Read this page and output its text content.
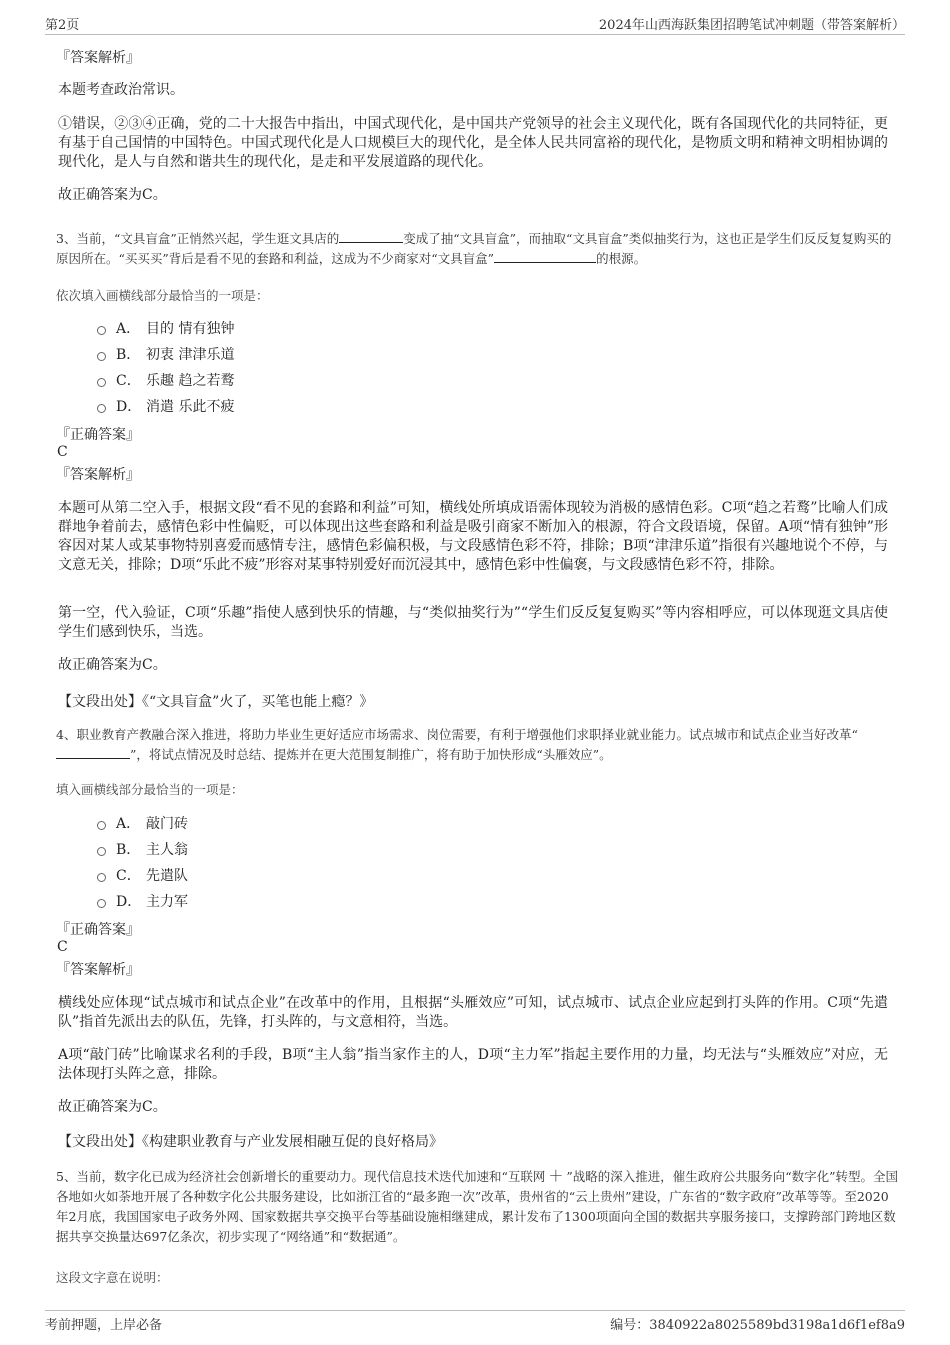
第2页	2024年山西海跃集团招聘笔试冲刺题（带答案解析）
『答案解析』
本题考查政治常识。
①错误，②③④正确，党的二十大报告中指出，中国式现代化，是中国共产党领导的社会主义现代化，既有各国现代化的共同特征，更有基于自己国情的中国特色。中国式现代化是人口规模巨大的现代化，是全体人民共同富裕的现代化，是物质文明和精神文明相协调的现代化，是人与自然和谐共生的现代化，是走和平发展道路的现代化。
故正确答案为C。
3、当前，“文具盲盒”正悄然兴起，学生逛文具店的	变成了抽“文具盲盒”，而抽取“文具盲盒”类似抽奖行为，这也正是学生们反反复复购买的原因所在。“买买买”背后是看不见的套路和利益，这成为不少商家对“文具盲盒”	的根源。
依次填入画横线部分最恰当的一项是：
A． 目的 情有独钟
B． 初衷 津津乐道
C． 乐趣 趋之若鹜
D． 消遣 乐此不疲
『正确答案』
C
『答案解析』
本题可从第二空入手，根据文段“看不见的套路和利益”可知，横线处所填成语需体现较为消极的感情色彩。C项“趋之若鹜”比喻人们成群地争着前去，感情色彩中性偏贬，可以体现出这些套路和利益是吸引商家不断加入的根源，符合文段语境，保留。A项“情有独钟”形容因对某人或某事物特别喜爱而感情专注，感情色彩偏积极，与文段感情色彩不符，排除；B项“津津乐道”指很有兴趣地说个不停，与文意无关，排除；D项“乐此不疲”形容对某事特别爱好而沉浸其中，感情色彩中性偏褒，与文段感情色彩不符，排除。
第一空，代入验证，C项“乐趣”指使人感到快乐的情趣，与“类似抽奖行为”“学生们反反复复购买”等内容相呼应，可以体现逛文具店使学生们感到快乐，当选。
故正确答案为C。
【文段出处】《“文具盲盒”火了，买笔也能上瘾？》
4、职业教育产教融合深入推进，将助力毕业生更好适应市场需求、岗位需要，有利于增强他们求职择业就业能力。试点城市和试点企业当好改革“”，将试点情况及时总结、提炼并在更大范围复制推广，将有助于加快形成“头雁效应”。
填入画横线部分最恰当的一项是：
A． 敲门砖
B． 主人翁
C． 先遣队
D． 主力军
『正确答案』
C
『答案解析』
横线处应体现“试点城市和试点企业”在改革中的作用，且根据“头雁效应”可知，试点城市、试点企业应起到打头阵的作用。C项“先遣队”指首先派出去的队伍，先锋，打头阵的，与文意相符，当选。
A项“敲门砖”比喻谋求名利的手段，B项“主人翁”指当家作主的人，D项“主力军”指起主要作用的力量，均无法与“头雁效应”对应，无法体现打头阵之意，排除。
故正确答案为C。
【文段出处】《构建职业教育与产业发展相融互促的良好格局》
5、当前，数字化已成为经济社会创新增长的重要动力。现代信息技术迭代加速和“互联网 ＋ ”战略的深入推进，催生政府公共服务向“数字化”转型。全国各地如火如荼地开展了各种数字化公共服务建设，比如浙江省的“最多跑一次”改革，贵州省的“云上贵州”建设，广东省的“数字政府”改革等等。至2020年2月底，我国国家电子政务外网、国家数据共享交换平台等基础设施相继建成，累计发布了1300项面向全国的数据共享服务接口，支撑跨部门跨地区数据共享交换量达697亿条次，初步实现了“网络通”和“数据通”。
这段文字意在说明：
考前押题，上岸必备	编号：3840922a8025589bd3198a1d6f1ef8a9
